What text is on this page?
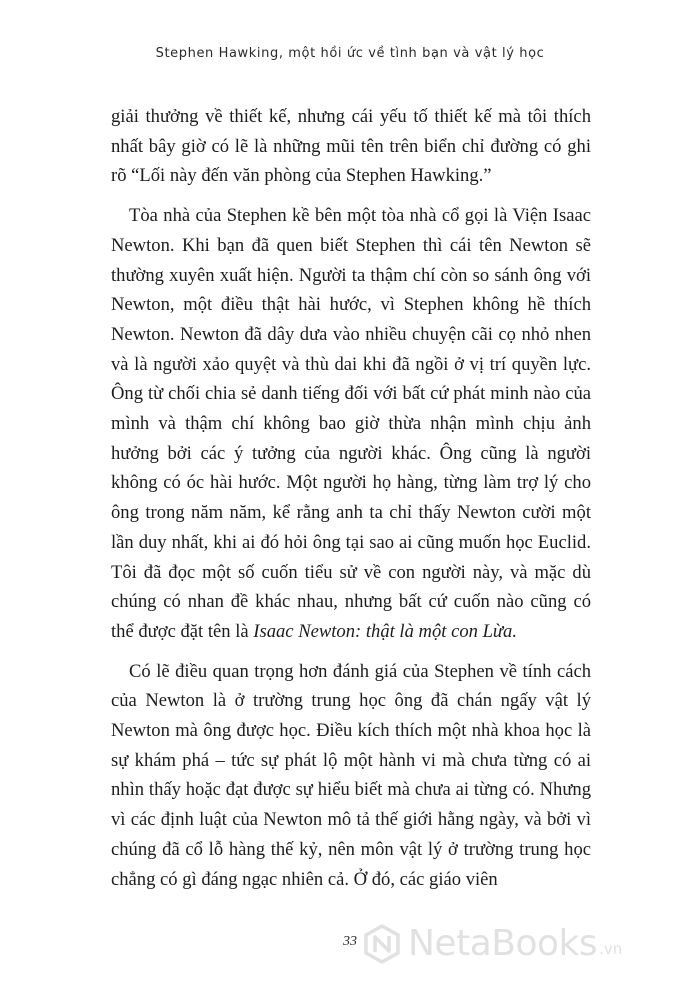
Stephen Hawking, một hồi ức về tình bạn và vật lý học

giải thưởng về thiết kế, nhưng cái yếu tố thiết kế mà tôi thích nhất bây giờ có lẽ là những mũi tên trên biển chỉ đường có ghi rõ “Lối này đến văn phòng của Stephen Hawking.”

Tòa nhà của Stephen kề bên một tòa nhà cổ gọi là Viện Isaac Newton. Khi bạn đã quen biết Stephen thì cái tên Newton sẽ thường xuyên xuất hiện. Người ta thậm chí còn so sánh ông với Newton, một điều thật hài hước, vì Stephen không hề thích Newton. Newton đã dây dưa vào nhiều chuyện cãi cọ nhỏ nhen và là người xảo quyệt và thù dai khi đã ngồi ở vị trí quyền lực. Ông từ chối chia sẻ danh tiếng đối với bất cứ phát minh nào của mình và thậm chí không bao giờ thừa nhận mình chịu ảnh hưởng bởi các ý tưởng của người khác. Ông cũng là người không có óc hài hước. Một người họ hàng, từng làm trợ lý cho ông trong năm năm, kể rằng anh ta chỉ thấy Newton cười một lần duy nhất, khi ai đó hỏi ông tại sao ai cũng muốn học Euclid. Tôi đã đọc một số cuốn tiểu sử về con người này, và mặc dù chúng có nhan đề khác nhau, nhưng bất cứ cuốn nào cũng có thể được đặt tên là Isaac Newton: thật là một con Lừa.

Có lẽ điều quan trọng hơn đánh giá của Stephen về tính cách của Newton là ở trường trung học ông đã chán ngấy vật lý Newton mà ông được học. Điều kích thích một nhà khoa học là sự khám phá – tức sự phát lộ một hành vi mà chưa từng có ai nhìn thấy hoặc đạt được sự hiểu biết mà chưa ai từng có. Nhưng vì các định luật của Newton mô tả thế giới hằng ngày, và bởi vì chúng đã cổ lỗ hàng thế kỷ, nên môn vật lý ở trường trung học chẳng có gì đáng ngạc nhiên cả. Ở đó, các giáo viên

33	NetaBooks .vn
